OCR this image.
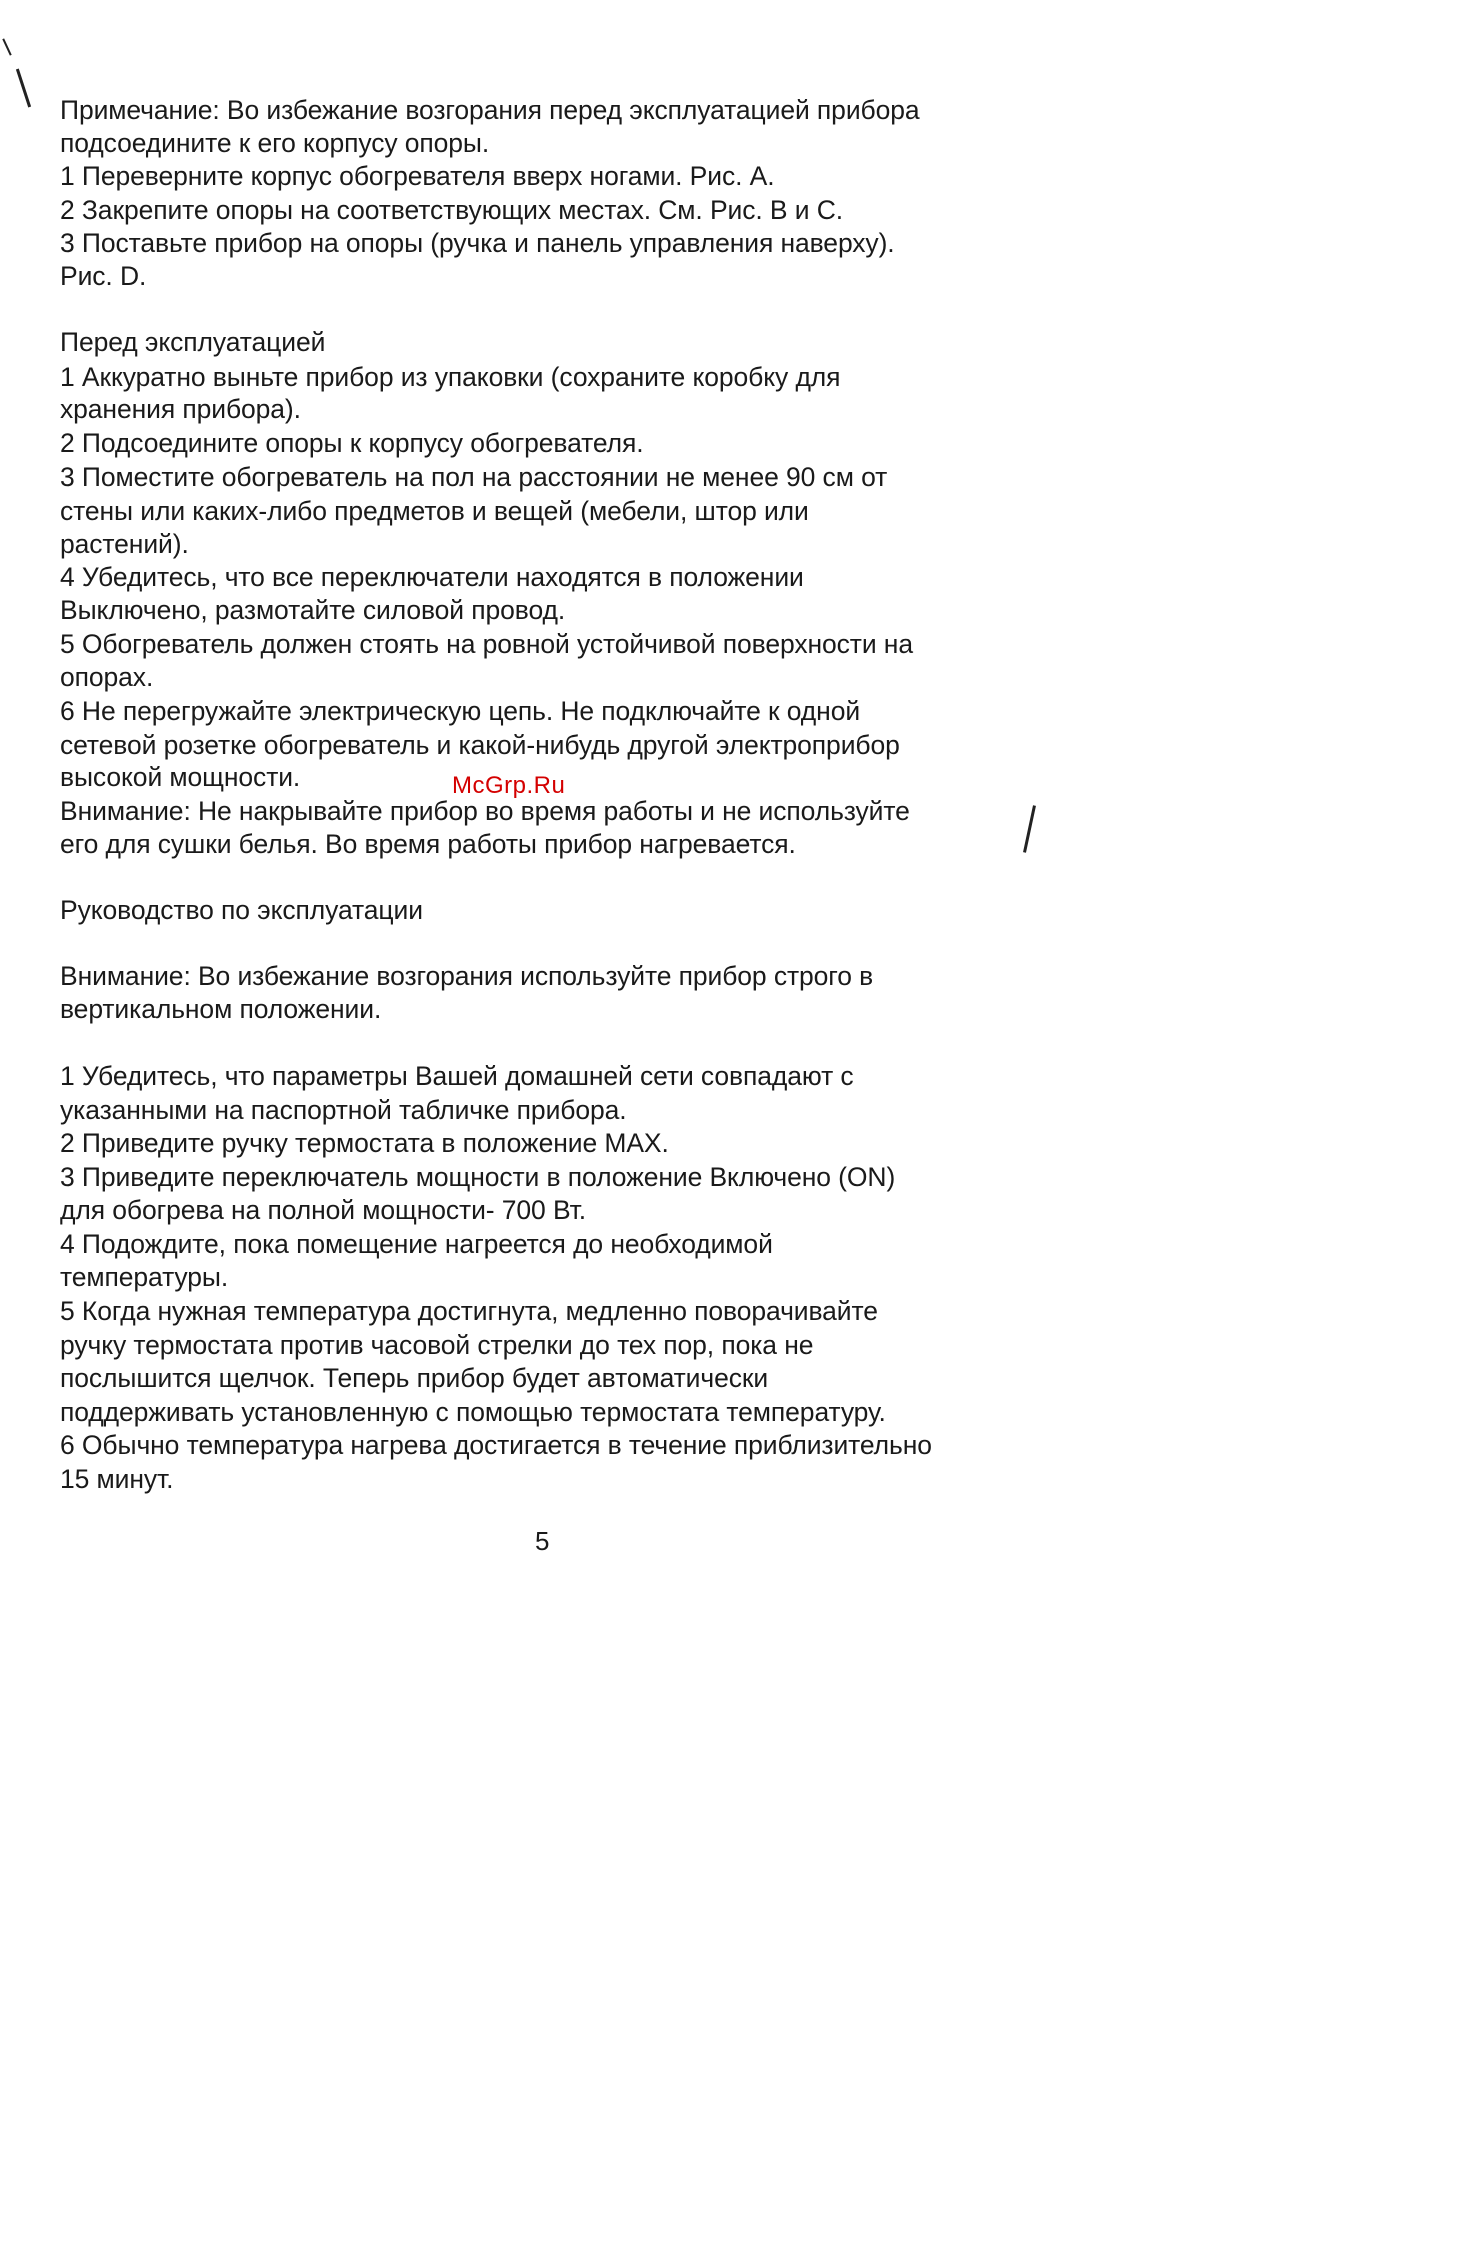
Примечание: Во избежание возгорания перед эксплуатацией прибора
подсоедините к его корпусу опоры.
1 Переверните корпус обогревателя вверх ногами. Рис. А.
2 Закрепите опоры на соответствующих местах. См. Рис. В и С.
3 Поставьте прибор на опоры (ручка и панель управления наверху).
Рис. D.
Перед эксплуатацией
1 Аккуратно выньте прибор из упаковки (сохраните коробку для
хранения прибора).
2 Подсоедините опоры к корпусу обогревателя.
3 Поместите обогреватель на пол на расстоянии не менее 90 см от
стены или каких-либо предметов и вещей (мебели, штор или
растений).
4 Убедитесь, что все переключатели находятся в положении
Выключено, размотайте силовой провод.
5 Обогреватель должен стоять на ровной устойчивой поверхности на
опорах.
6 Не перегружайте электрическую цепь. Не подключайте к одной
сетевой розетке обогреватель и какой-нибудь другой электроприбор
высокой мощности.
Внимание: Не накрывайте прибор во время работы и не используйте
его для сушки белья. Во время работы прибор нагревается.
Руководство по эксплуатации
Внимание: Во избежание возгорания используйте прибор строго в
вертикальном положении.
1 Убедитесь, что параметры Вашей домашней сети совпадают с
указанными на паспортной табличке прибора.
2 Приведите ручку термостата в положение МАХ.
3 Приведите переключатель мощности в положение Включено (ON)
для обогрева на полной мощности- 700 Вт.
4 Подождите, пока помещение нагреется до необходимой
температуры.
5 Когда нужная температура достигнута, медленно поворачивайте
ручку термостата против часовой стрелки до тех пор, пока не
послышится щелчок. Теперь прибор будет автоматически
поддерживать установленную с помощью термостата температуру.
6 Обычно температура нагрева достигается в течение приблизительно
15 минут.
McGrp.Ru
5
